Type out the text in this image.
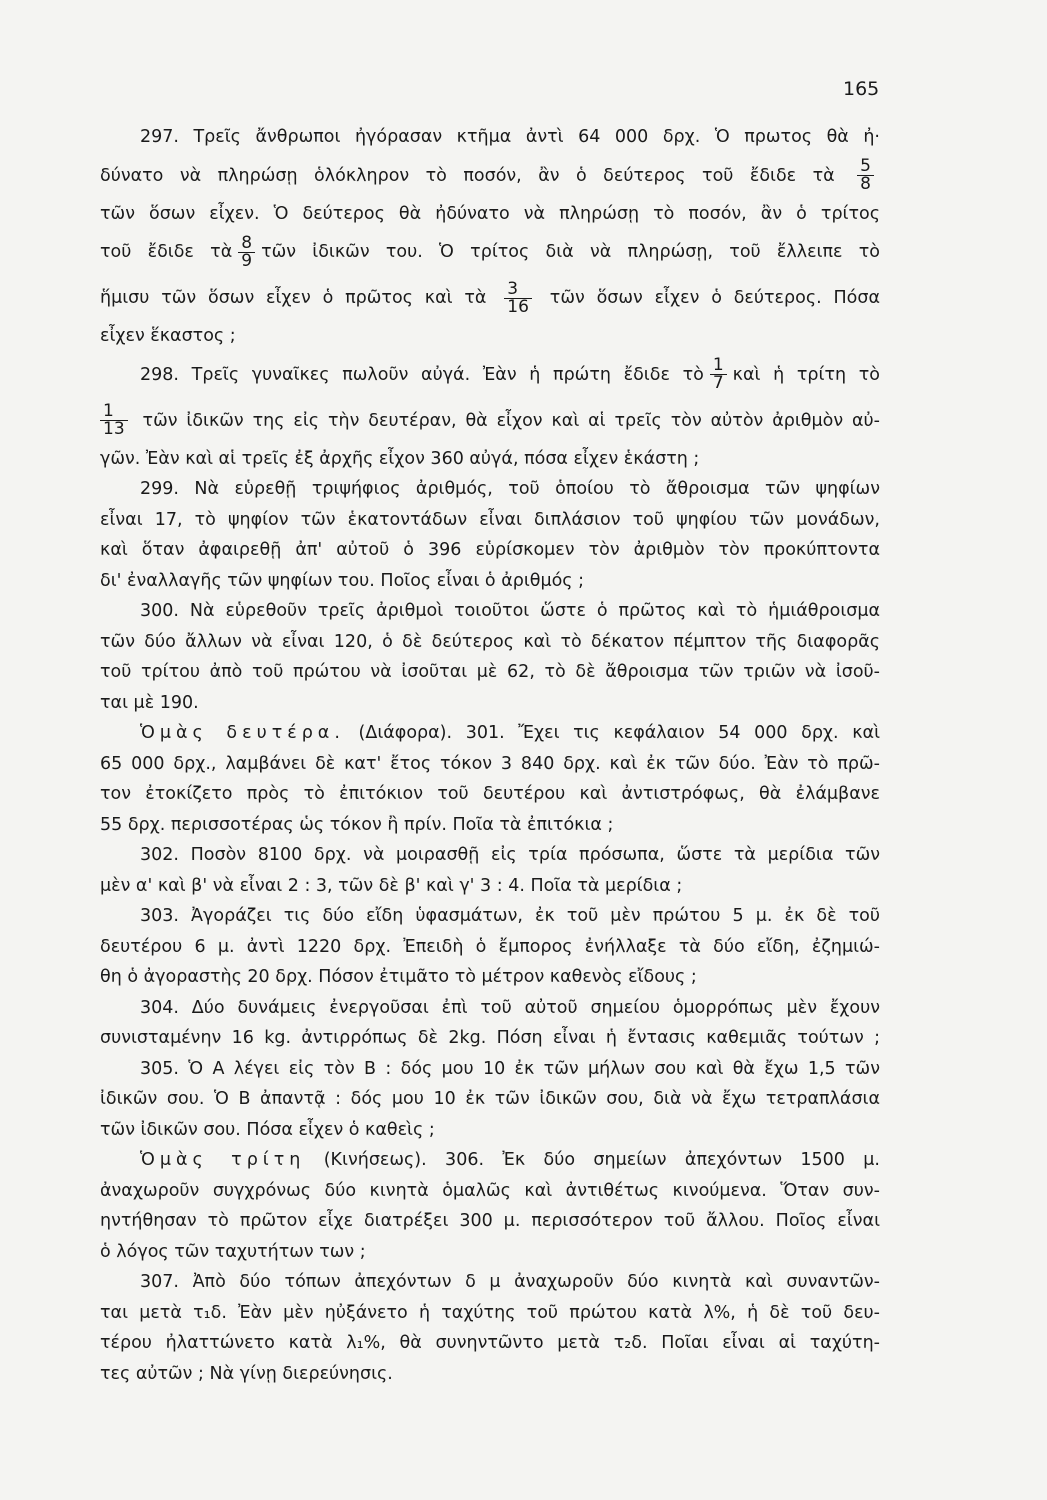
165
297. Τρεῖς ἄνθρωποι ἠγόρασαν κτῆμα ἀντὶ 64 000 δρχ. Ὁ πρωτος θὰ ἠ·
δύνατο νὰ πληρώσῃ ὁλόκληρον τὸ ποσόν, ἂν ὁ δεύτερος τοῦ ἔδιδε τὰ $\frac{5}{8}$
τῶν ὅσων εἶχεν. Ὁ δεύτερος θὰ ἠδύνατο νὰ πληρώσῃ τὸ ποσόν, ἂν ὁ τρίτος
τοῦ ἔδιδε τὰ $\frac{8}{9}$ τῶν ἰδικῶν του. Ὁ τρίτος διὰ νὰ πληρώσῃ, τοῦ ἔλλειπε τὸ
ἥμισυ τῶν ὅσων εἶχεν ὁ πρῶτος καὶ τὰ $\frac{3}{16}$ τῶν ὅσων εἶχεν ὁ δεύτερος. Πόσα
εἶχεν ἕκαστος ;
298. Τρεῖς γυναῖκες πωλοῦν αὐγά. Ἐὰν ἡ πρώτη ἔδιδε τὸ $\frac{1}{7}$ καὶ ἡ τρίτη τὸ
$\frac{1}{13}$ τῶν ἰδικῶν της εἰς τὴν δευτέραν, θὰ εἶχον καὶ αἱ τρεῖς τὸν αὐτὸν ἀριθμὸν αὐ-
γῶν. Ἐὰν καὶ αἱ τρεῖς ἐξ ἀρχῆς εἶχον 360 αὐγά, πόσα εἶχεν ἑκάστη ;
299. Νὰ εὑρεθῇ τριψήφιος ἀριθμός, τοῦ ὁποίου τὸ ἄθροισμα τῶν ψηφίων
εἶναι 17, τὸ ψηφίον τῶν ἑκατοντάδων εἶναι διπλάσιον τοῦ ψηφίου τῶν μονάδων,
καὶ ὅταν ἀφαιρεθῇ ἀπ' αὐτοῦ ὁ 396 εὑρίσκομεν τὸν ἀριθμὸν τὸν προκύπτοντα
δι' ἐναλλαγῆς τῶν ψηφίων του. Ποῖος εἶναι ὁ ἀριθμός ;
300. Νὰ εὑρεθοῦν τρεῖς ἀριθμοὶ τοιοῦτοι ὥστε ὁ πρῶτος καὶ τὸ ἡμιάθροισμα
τῶν δύο ἄλλων νὰ εἶναι 120, ὁ δὲ δεύτερος καὶ τὸ δέκατον πέμπτον τῆς διαφορᾶς
τοῦ τρίτου ἀπὸ τοῦ πρώτου νὰ ἰσοῦται μὲ 62, τὸ δὲ ἄθροισμα τῶν τριῶν νὰ ἰσοῦ-
ται μὲ 190.
Ὁμὰς δευτέρα. (Διάφορα). 301. Ἔχει τις κεφάλαιον 54 000 δρχ. καὶ
65 000 δρχ., λαμβάνει δὲ κατ' ἔτος τόκον 3 840 δρχ. καὶ ἐκ τῶν δύο. Ἐὰν τὸ πρῶ-
τον ἐτοκίζετο πρὸς τὸ ἐπιτόκιον τοῦ δευτέρου καὶ ἀντιστρόφως, θὰ ἐλάμβανε
55 δρχ. περισσοτέρας ὡς τόκον ἢ πρίν. Ποῖα τὰ ἐπιτόκια ;
302. Ποσὸν 8100 δρχ. νὰ μοιρασθῇ εἰς τρία πρόσωπα, ὥστε τὰ μερίδια τῶν
μὲν α' καὶ β' νὰ εἶναι 2 : 3, τῶν δὲ β' καὶ γ' 3 : 4. Ποῖα τὰ μερίδια ;
303. Ἀγοράζει τις δύο εἴδη ὑφασμάτων, ἐκ τοῦ μὲν πρώτου 5 μ. ἐκ δὲ τοῦ
δευτέρου 6 μ. ἀντὶ 1220 δρχ. Ἐπειδὴ ὁ ἔμπορος ἐνήλλαξε τὰ δύο εἴδη, ἐζημιώ-
θη ὁ ἀγοραστὴς 20 δρχ. Πόσον ἐτιμᾶτο τὸ μέτρον καθενὸς εἴδους ;
304. Δύο δυνάμεις ἐνεργοῦσαι ἐπὶ τοῦ αὐτοῦ σημείου ὁμορρόπως μὲν ἔχουν
συνισταμένην 16 kg. ἀντιρρόπως δὲ 2kg. Πόση εἶναι ἡ ἔντασις καθεμιᾶς τούτων ;
305. Ὁ Α λέγει εἰς τὸν Β : δός μου 10 ἐκ τῶν μήλων σου καὶ θὰ ἔχω 1,5 τῶν
ἰδικῶν σου. Ὁ Β ἀπαντᾷ : δός μου 10 ἐκ τῶν ἰδικῶν σου, διὰ νὰ ἔχω τετραπλάσια
τῶν ἰδικῶν σου. Πόσα εἶχεν ὁ καθεὶς ;
Ὁμὰς τρίτη (Κινήσεως). 306. Ἐκ δύο σημείων ἀπεχόντων 1500 μ.
ἀναχωροῦν συγχρόνως δύο κινητὰ ὁμαλῶς καὶ ἀντιθέτως κινούμενα. Ὅταν συν-
ηντήθησαν τὸ πρῶτον εἶχε διατρέξει 300 μ. περισσότερον τοῦ ἄλλου. Ποῖος εἶναι
ὁ λόγος τῶν ταχυτήτων των ;
307. Ἀπὸ δύο τόπων ἀπεχόντων δ μ ἀναχωροῦν δύο κινητὰ καὶ συναντῶν-
ται μετὰ τ₁δ. Ἐὰν μὲν ηὐξάνετο ἡ ταχύτης τοῦ πρώτου κατὰ λ%, ἡ δὲ τοῦ δευ-
τέρου ἠλαττώνετο κατὰ λ₁%, θὰ συνηντῶντο μετὰ τ₂δ. Ποῖαι εἶναι αἱ ταχύτη-
τες αὐτῶν ; Νὰ γίνῃ διερεύνησις.
